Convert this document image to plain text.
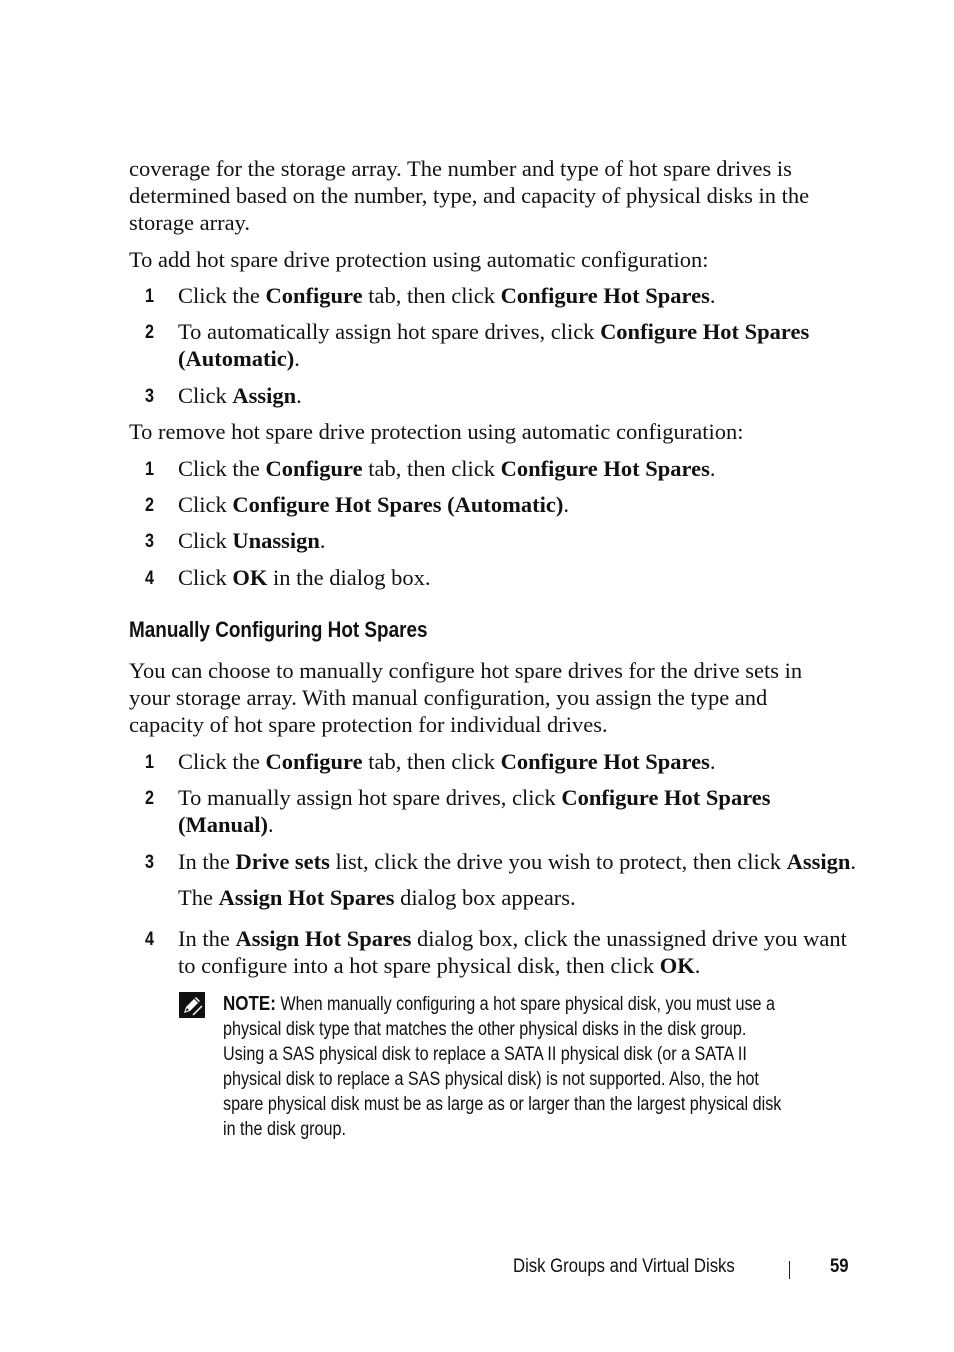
coverage for the storage array. The number and type of hot spare drives is
determined based on the number, type, and capacity of physical disks in the
storage array.
To add hot spare drive protection using automatic configuration:
1	Click the Configure tab, then click Configure Hot Spares.
2	To automatically assign hot spare drives, click Configure Hot Spares
(Automatic).
3	Click Assign.
To remove hot spare drive protection using automatic configuration:
1	Click the Configure tab, then click Configure Hot Spares.
2	Click Configure Hot Spares (Automatic).
3	Click Unassign.
4	Click OK in the dialog box.
Manually Configuring Hot Spares
You can choose to manually configure hot spare drives for the drive sets in
your storage array. With manual configuration, you assign the type and
capacity of hot spare protection for individual drives.
1	Click the Configure tab, then click Configure Hot Spares.
2	To manually assign hot spare drives, click Configure Hot Spares
(Manual).
3	In the Drive sets list, click the drive you wish to protect, then click Assign.
The Assign Hot Spares dialog box appears.
4	In the Assign Hot Spares dialog box, click the unassigned drive you want
to configure into a hot spare physical disk, then click OK.
NOTE: When manually configuring a hot spare physical disk, you must use a
physical disk type that matches the other physical disks in the disk group.
Using a SAS physical disk to replace a SATA II physical disk (or a SATA II
physical disk to replace a SAS physical disk) is not supported. Also, the hot
spare physical disk must be as large as or larger than the largest physical disk
in the disk group.
Disk Groups and Virtual Disks	59
